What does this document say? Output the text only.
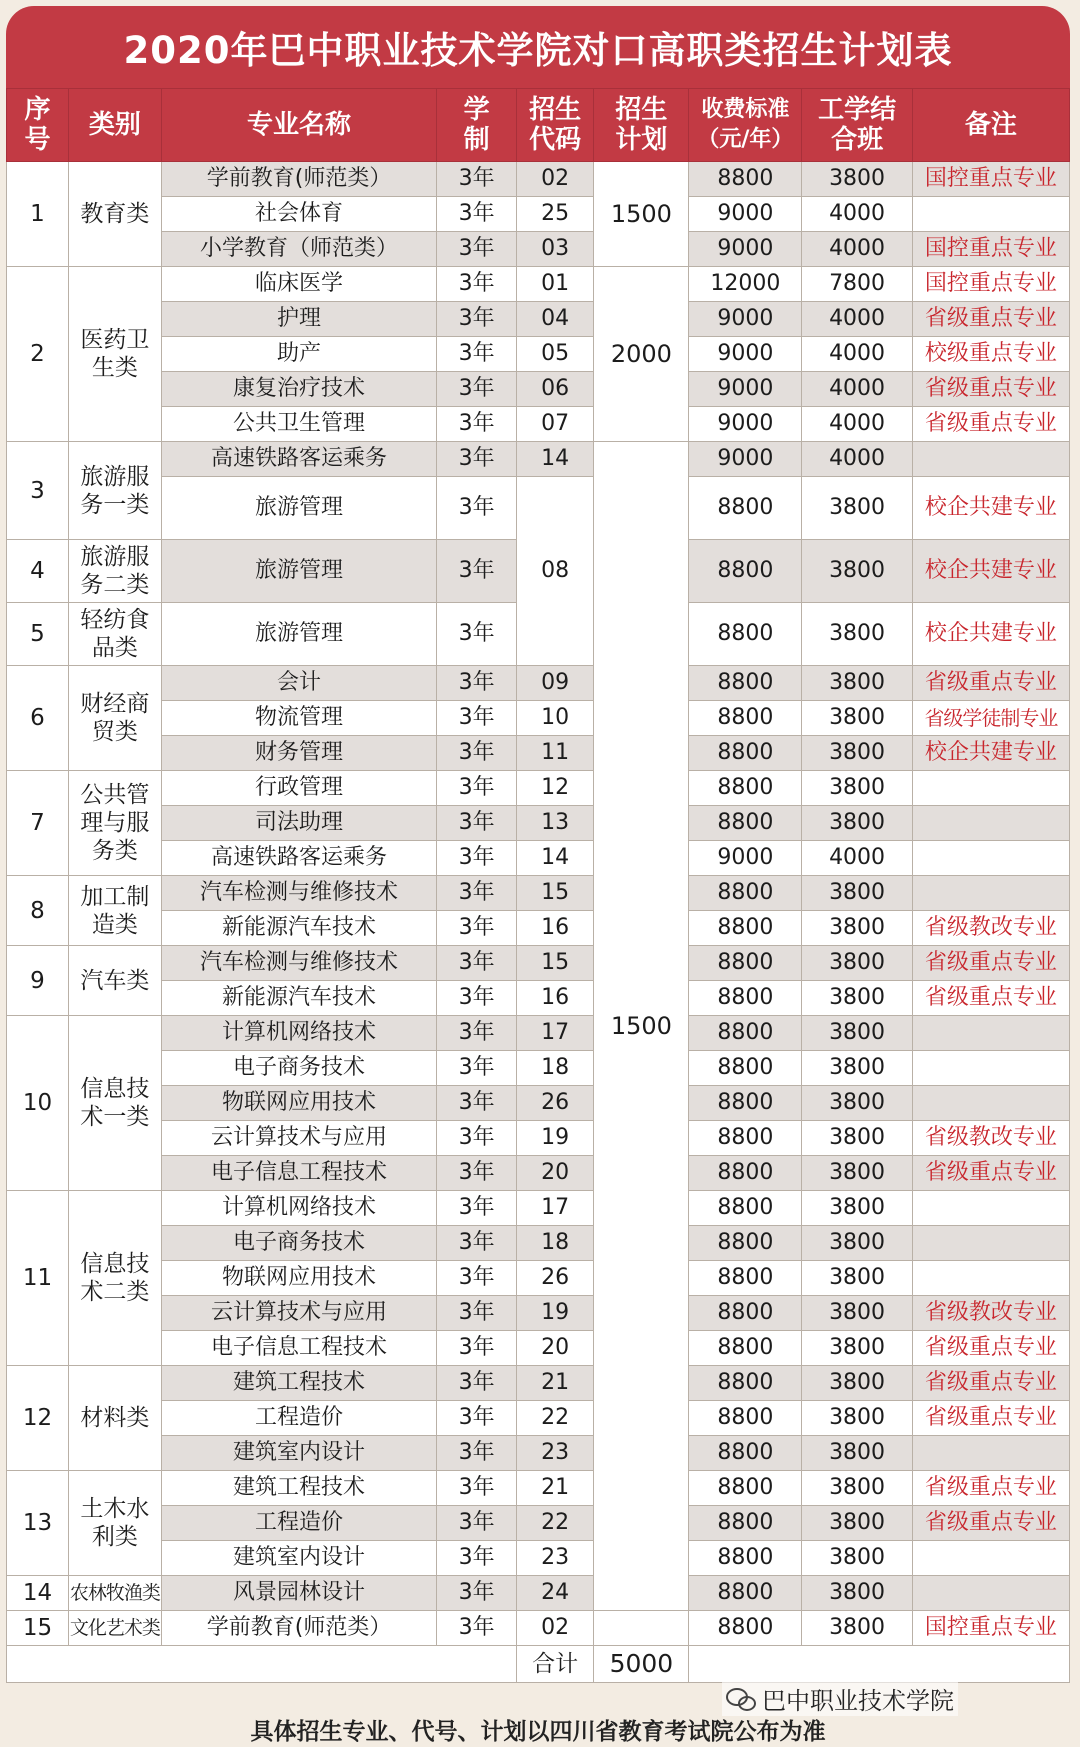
2020年巴中职业技术学院对口高职类招生计划表
序号	类别	专业名称	学制	招生代码	招生计划	收费标准（元/年）	工学结合班	备注
1	教育类	学前教育(师范类）	3年	02	1500	8800	3800	国控重点专业
		社会体育	3年	25		9000	4000	
		小学教育（师范类）	3年	03		9000	4000	国控重点专业
2	医药卫生类	临床医学	3年	01	2000	12000	7800	国控重点专业
		护理	3年	04		9000	4000	省级重点专业
		助产	3年	05		9000	4000	校级重点专业
		康复治疗技术	3年	06		9000	4000	省级重点专业
		公共卫生管理	3年	07		9000	4000	省级重点专业
3	旅游服务一类	高速铁路客运乘务	3年	14	1500	9000	4000	
		旅游管理	3年	08		8800	3800	校企共建专业
4	旅游服务二类	旅游管理	3年			8800	3800	校企共建专业
5	轻纺食品类	旅游管理	3年			8800	3800	校企共建专业
6	财经商贸类	会计	3年	09		8800	3800	省级重点专业
		物流管理	3年	10		8800	3800	省级学徒制专业
		财务管理	3年	11		8800	3800	校企共建专业
7	公共管理与服务类	行政管理	3年	12		8800	3800	
		司法助理	3年	13		8800	3800	
		高速铁路客运乘务	3年	14		9000	4000	
8	加工制造类	汽车检测与维修技术	3年	15		8800	3800	
		新能源汽车技术	3年	16		8800	3800	省级教改专业
9	汽车类	汽车检测与维修技术	3年	15		8800	3800	省级重点专业
		新能源汽车技术	3年	16		8800	3800	省级重点专业
10	信息技术一类	计算机网络技术	3年	17		8800	3800	
		电子商务技术	3年	18		8800	3800	
		物联网应用技术	3年	26		8800	3800	
		云计算技术与应用	3年	19		8800	3800	省级教改专业
		电子信息工程技术	3年	20		8800	3800	省级重点专业
11	信息技术二类	计算机网络技术	3年	17		8800	3800	
		电子商务技术	3年	18		8800	3800	
		物联网应用技术	3年	26		8800	3800	
		云计算技术与应用	3年	19		8800	3800	省级教改专业
		电子信息工程技术	3年	20		8800	3800	省级重点专业
12	材料类	建筑工程技术	3年	21		8800	3800	省级重点专业
		工程造价	3年	22		8800	3800	省级重点专业
		建筑室内设计	3年	23		8800	3800	
13	土木水利类	建筑工程技术	3年	21		8800	3800	省级重点专业
		工程造价	3年	22		8800	3800	省级重点专业
		建筑室内设计	3年	23		8800	3800	
14	农林牧渔类	风景园林设计	3年	24		8800	3800	
15	文化艺术类	学前教育(师范类）	3年	02		8800	3800	国控重点专业
				合计	5000			
巴中职业技术学院
具体招生专业、代号、计划以四川省教育考试院公布为准
